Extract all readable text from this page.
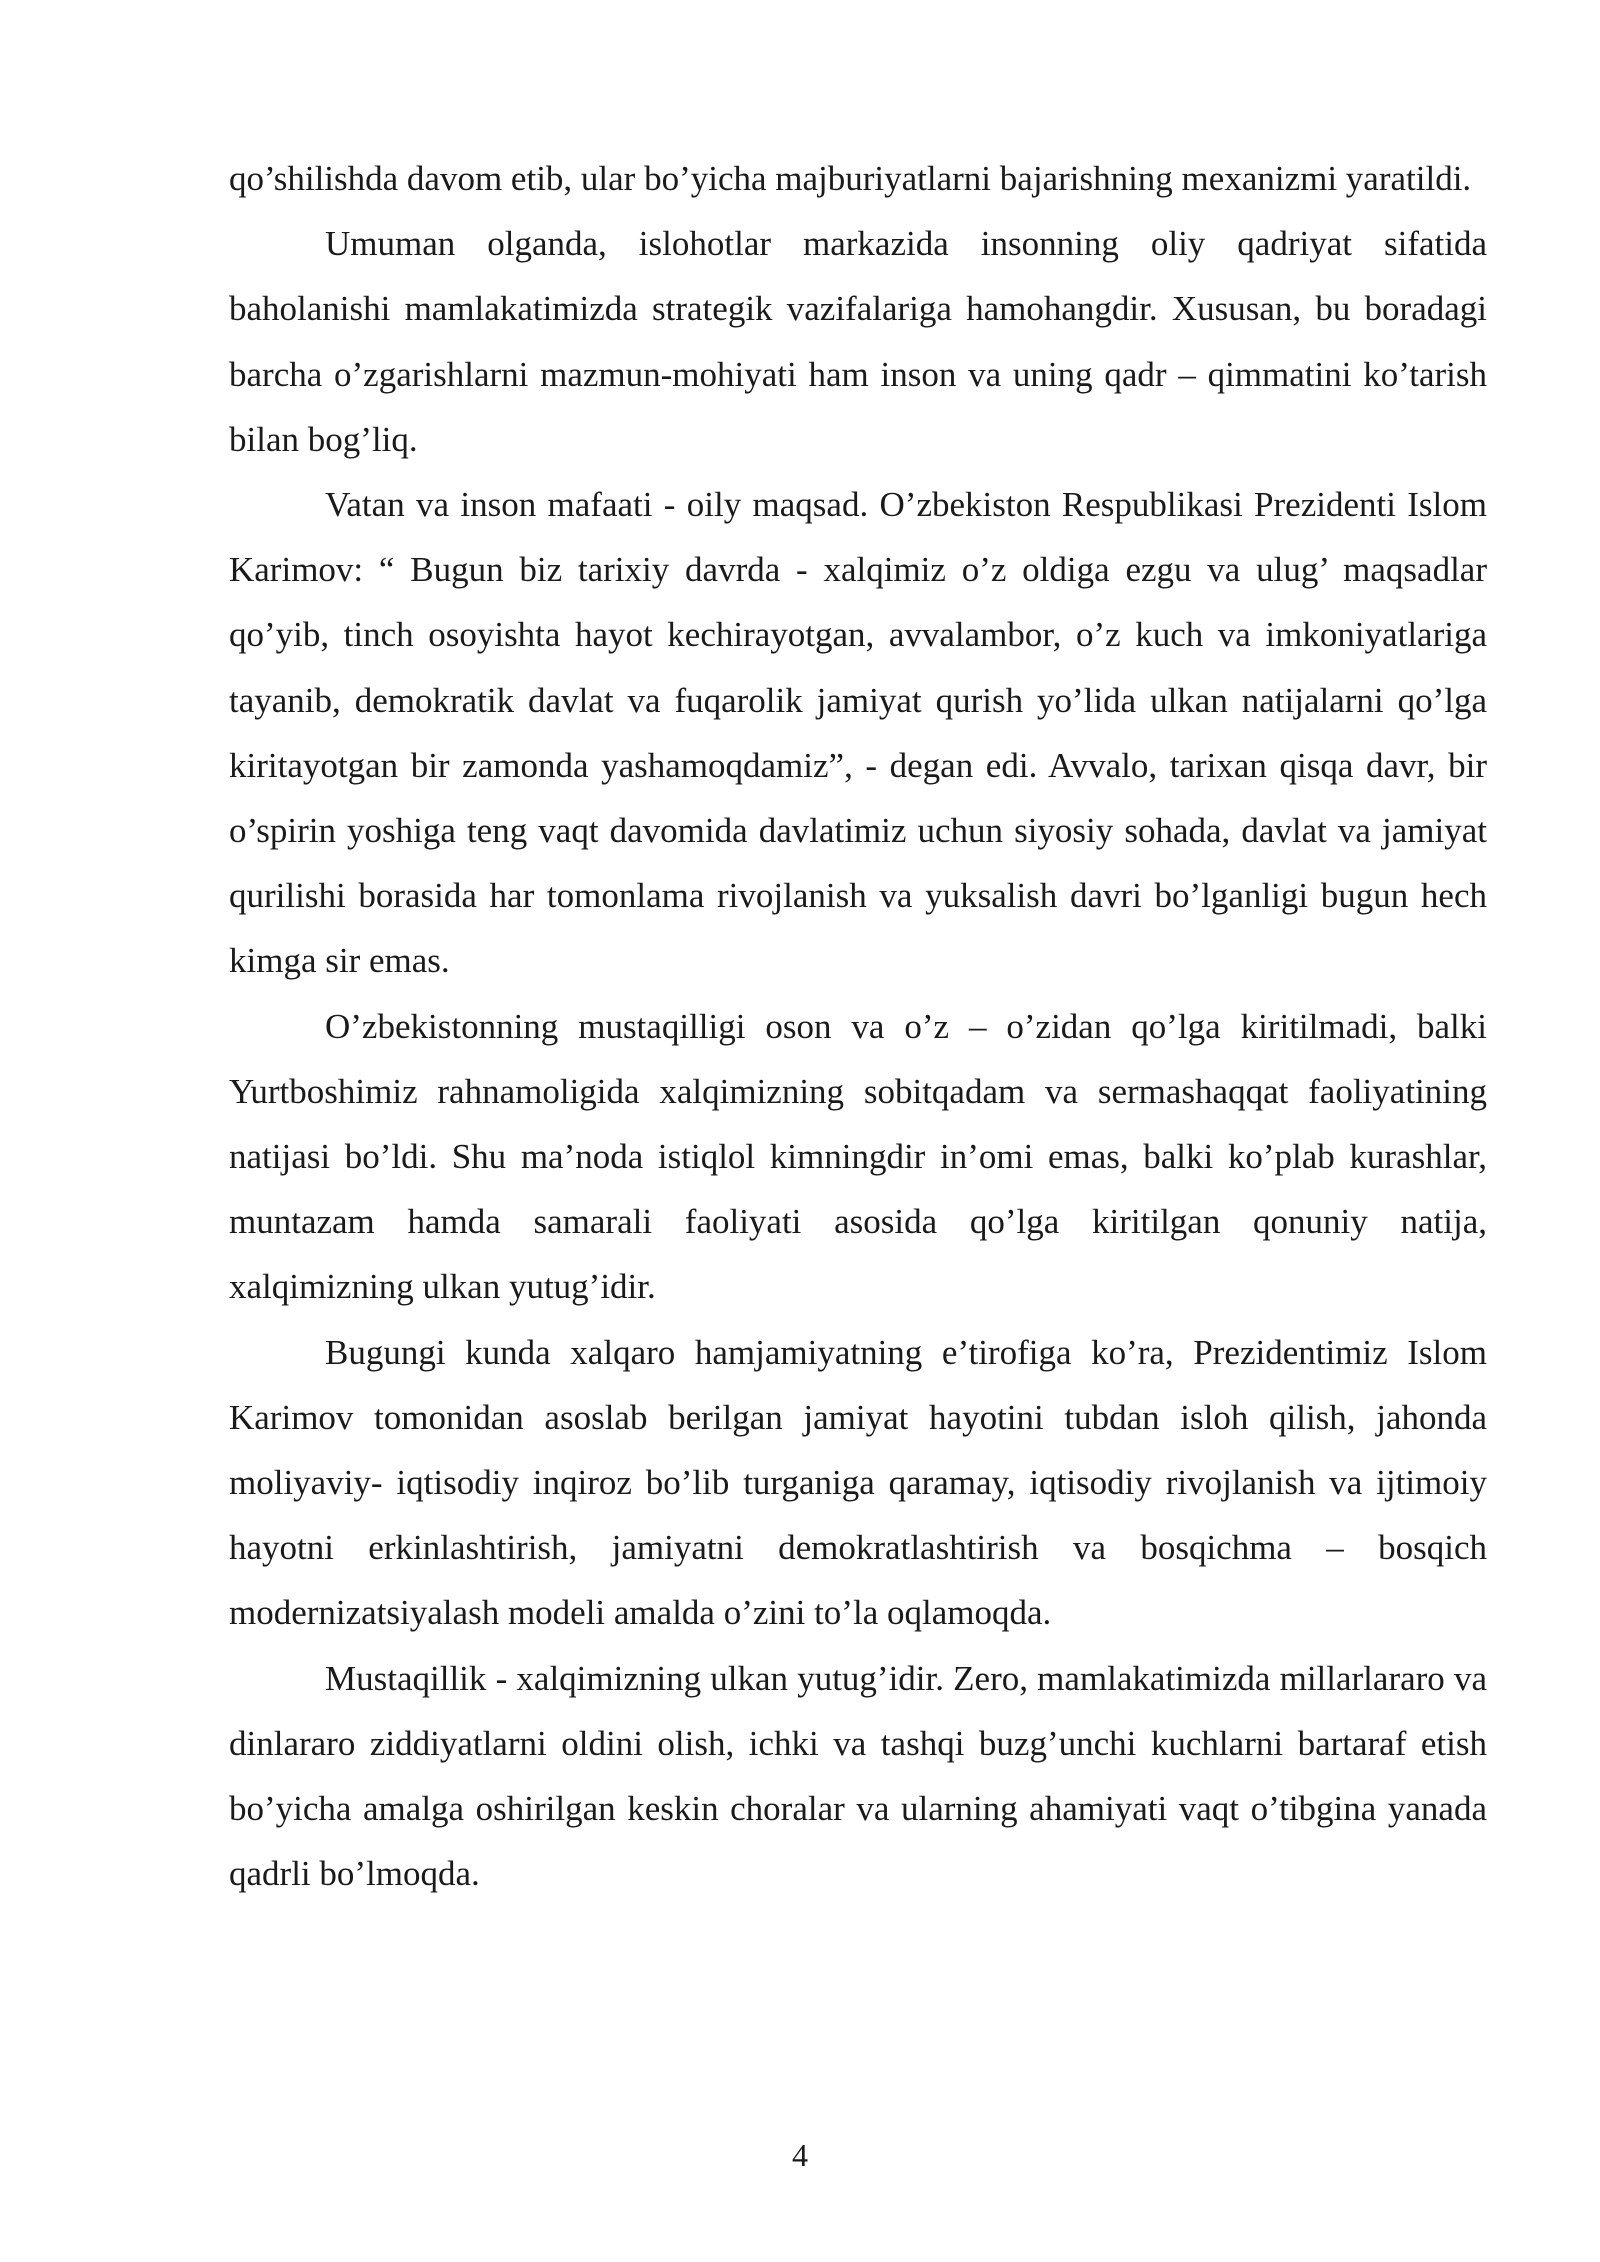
qo’shilishda davom etib, ular bo’yicha majburiyatlarni bajarishning mexanizmi yaratildi.

Umuman olganda, islohotlar markazida insonning oliy qadriyat sifatida baholanishi mamlakatimizda strategik vazifalariga hamohangdir. Xususan, bu boradagi barcha o’zgarishlarni mazmun-mohiyati ham inson va uning qadr – qimmatini ko’tarish bilan bog’liq.

Vatan va inson mafaati - oily maqsad. O’zbekiston Respublikasi Prezidenti Islom Karimov: “ Bugun biz tarixiy davrda - xalqimiz o’z oldiga ezgu va ulug’ maqsadlar qo’yib, tinch osoyishta hayot kechirayotgan, avvalambor, o’z kuch va imkoniyatlariga tayanib, demokratik davlat va fuqarolik jamiyat qurish yo’lida ulkan natijalarni qo’lga kiritayotgan bir zamonda yashamoqdamiz”, - degan edi. Avvalo, tarixan qisqa davr, bir o’spirin yoshiga teng vaqt davomida davlatimiz uchun siyosiy sohada, davlat va jamiyat qurilishi borasida har tomonlama rivojlanish va yuksalish davri bo’lganligi bugun hech kimga sir emas.

O’zbekistonning mustaqilligi oson va o’z – o’zidan qo’lga kiritilmadi, balki Yurtboshimiz rahnamoligida xalqimizning sobitqadam va sermashaqqat faoliyatining natijasi bo’ldi. Shu ma’noda istiqlol kimningdir in’omi emas, balki ko’plab kurashlar, muntazam hamda samarali faoliyati asosida qo’lga kiritilgan qonuniy natija, xalqimizning ulkan yutug’idir.

Bugungi kunda xalqaro hamjamiyatning e’tirofiga ko’ra, Prezidentimiz Islom Karimov tomonidan asoslab berilgan jamiyat hayotini tubdan isloh qilish, jahonda moliyaviy- iqtisodiy inqiroz bo’lib turganiga qaramay, iqtisodiy rivojlanish va ijtimoiy hayotni erkinlashtirish, jamiyatni demokratlashtirish va bosqichma – bosqich modernizatsiyalash modeli amalda o’zini to’la oqlamoqda.

Mustaqillik - xalqimizning ulkan yutug’idir. Zero, mamlakatimizda millarlararo va dinlararo ziddiyatlarni oldini olish, ichki va tashqi buzg’unchi kuchlarni bartaraf etish bo’yicha amalga oshirilgan keskin choralar va ularning ahamiyati vaqt o’tibgina yanada qadrli bo’lmoqda.

4
